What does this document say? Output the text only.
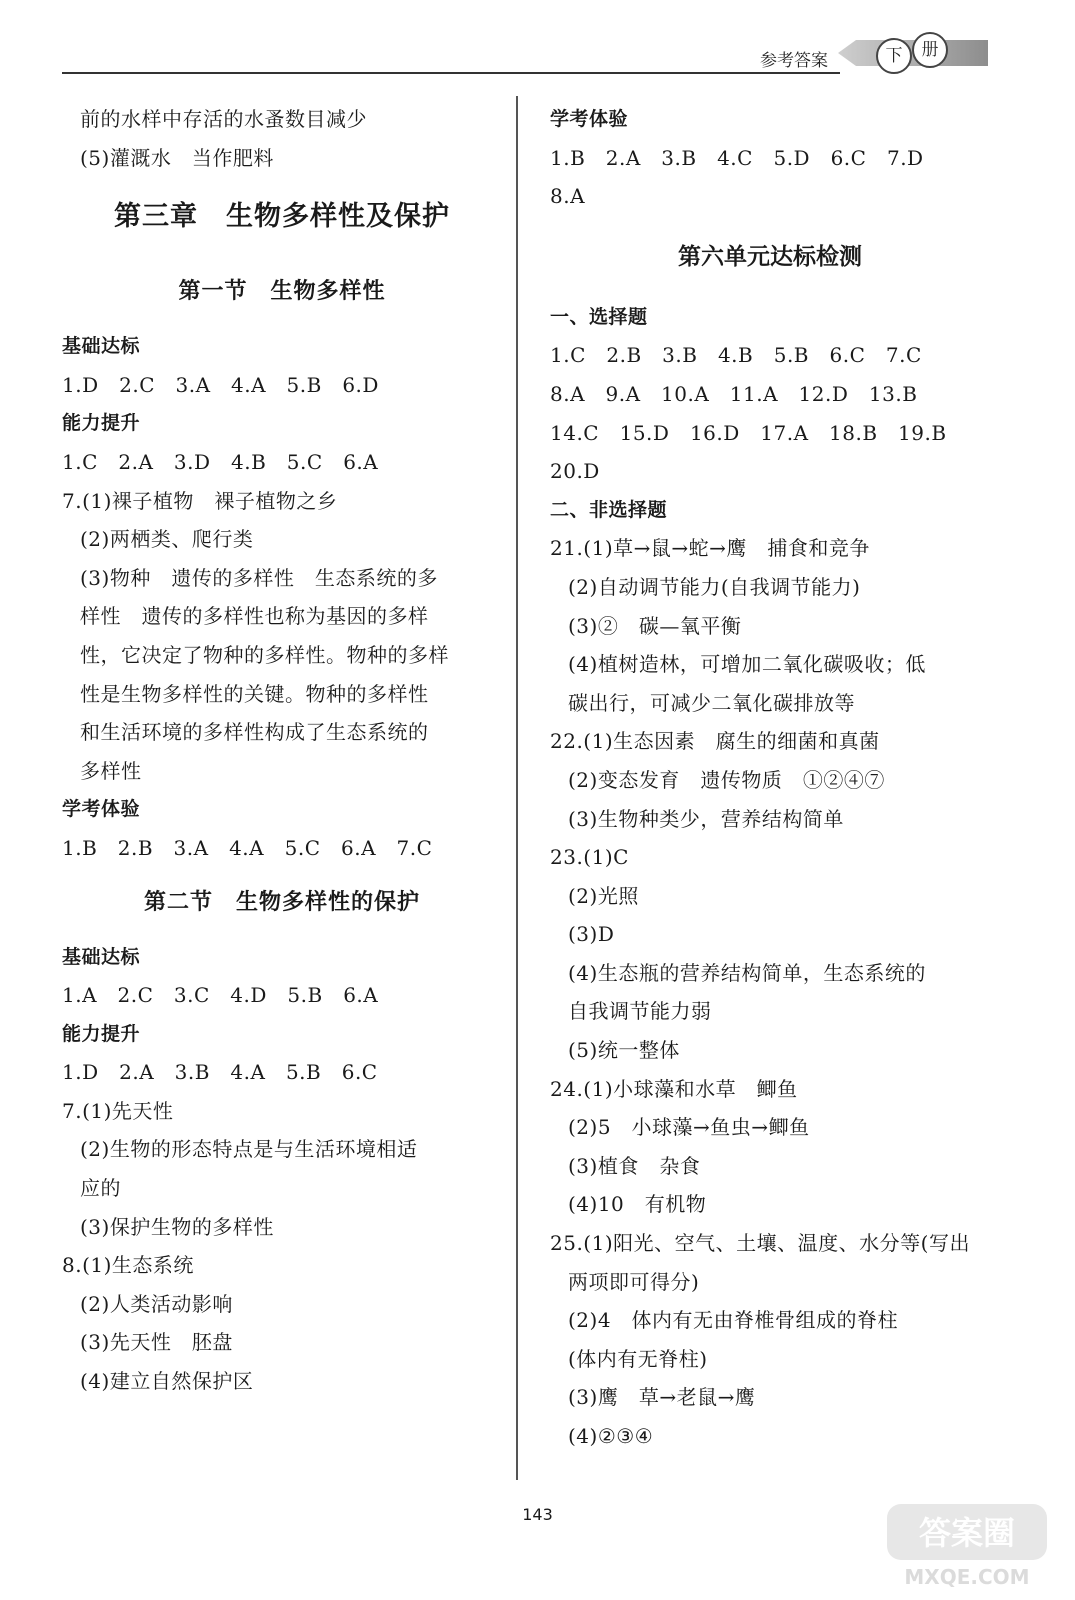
参考答案	下	册
前的水样中存活的水蚤数目减少
(5)灌溉水　当作肥料
第三章　生物多样性及保护
第一节　生物多样性
基础达标
1.D　2.C　3.A　4.A　5.B　6.D
能力提升
1.C　2.A　3.D　4.B　5.C　6.A
7.(1)裸子植物　裸子植物之乡
(2)两栖类、爬行类
(3)物种　遗传的多样性　生态系统的多
样性　遗传的多样性也称为基因的多样
性，它决定了物种的多样性。物种的多样
性是生物多样性的关键。物种的多样性
和生活环境的多样性构成了生态系统的
多样性
学考体验
1.B　2.B　3.A　4.A　5.C　6.A　7.C
第二节　生物多样性的保护
基础达标
1.A　2.C　3.C　4.D　5.B　6.A
能力提升
1.D　2.A　3.B　4.A　5.B　6.C
7.(1)先天性
(2)生物的形态特点是与生活环境相适
应的
(3)保护生物的多样性
8.(1)生态系统
(2)人类活动影响
(3)先天性　胚盘
(4)建立自然保护区
学考体验
1.B　2.A　3.B　4.C　5.D　6.C　7.D
8.A
第六单元达标检测
一、选择题
1.C　2.B　3.B　4.B　5.B　6.C　7.C
8.A　9.A　10.A　11.A　12.D　13.B
14.C　15.D　16.D　17.A　18.B　19.B
20.D
二、非选择题
21.(1)草→鼠→蛇→鹰　捕食和竞争
(2)自动调节能力(自我调节能力)
(3)②　碳—氧平衡
(4)植树造林，可增加二氧化碳吸收；低
碳出行，可减少二氧化碳排放等
22.(1)生态因素　腐生的细菌和真菌
(2)变态发育　遗传物质　①②④⑦
(3)生物种类少，营养结构简单
23.(1)C
(2)光照
(3)D
(4)生态瓶的营养结构简单，生态系统的
自我调节能力弱
(5)统一整体
24.(1)小球藻和水草　鲫鱼
(2)5　小球藻→鱼虫→鲫鱼
(3)植食　杂食
(4)10　有机物
25.(1)阳光、空气、土壤、温度、水分等(写出
两项即可得分)
(2)4　体内有无由脊椎骨组成的脊柱
(体内有无脊柱)
(3)鹰　草→老鼠→鹰
(4)②③④
143	答案圈
MXQE.COM
